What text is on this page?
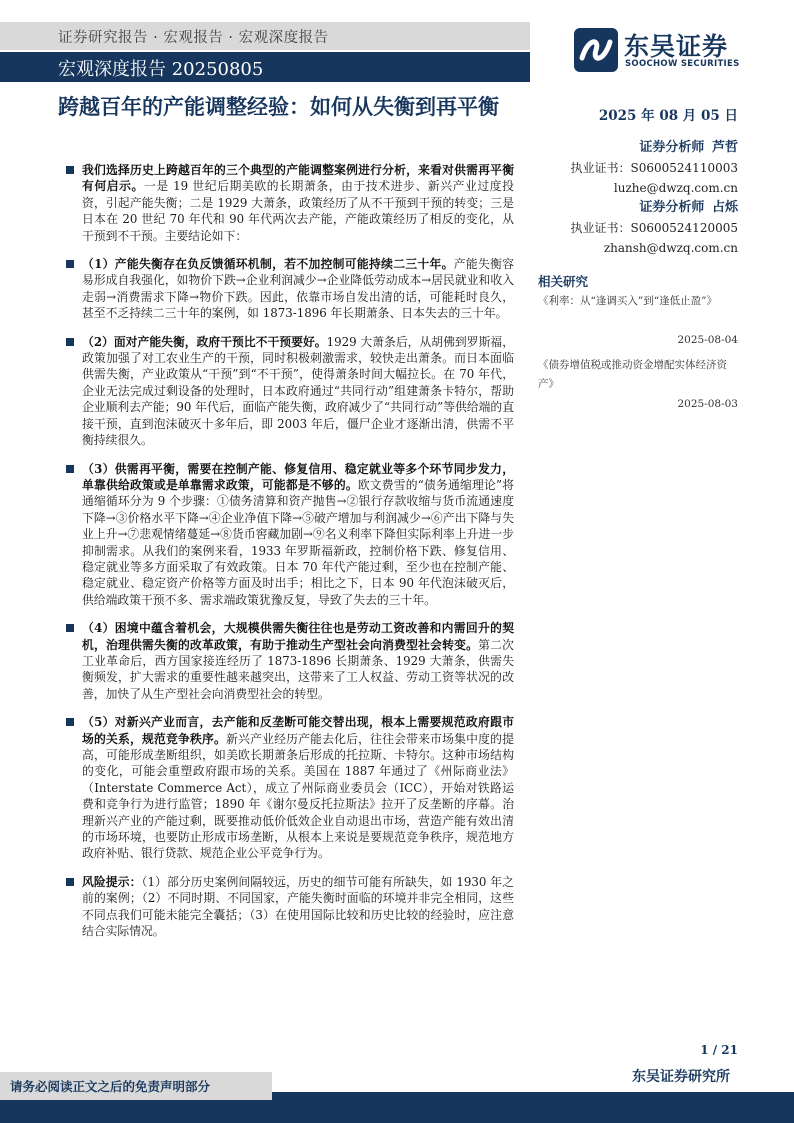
证券研究报告 · 宏观报告 · 宏观深度报告
宏观深度报告 20250805
东吴证券
SOOCHOW SECURITIES
跨越百年的产能调整经验：如何从失衡到再平衡	2025 年 08 月 05 日
证券分析师 芦哲
执业证书：S0600524110003
luzhe@dwzq.com.cn
证券分析师 占烁
执业证书：S0600524120005
zhansh@dwzq.com.cn
相关研究
《利率：从“逢调买入”到“逢低止盈”》
2025-08-04
《债券增值税或推动资金增配实体经济资产》
2025-08-03
我们选择历史上跨越百年的三个典型的产能调整案例进行分析，来看对供需再平衡有何启示。一是 19 世纪后期美欧的长期萧条，由于技术进步、新兴产业过度投资，引起产能失衡；二是 1929 大萧条，政策经历了从不干预到干预的转变；三是日本在 20 世纪 70 年代和 90 年代两次去产能，产能政策经历了相反的变化，从干预到不干预。主要结论如下：
（1）产能失衡存在负反馈循环机制，若不加控制可能持续二三十年。产能失衡容易形成自我强化，如物价下跌→企业利润减少→企业降低劳动成本→居民就业和收入走弱→消费需求下降→物价下跌。因此，依靠市场自发出清的话，可能耗时良久，甚至不乏持续二三十年的案例，如 1873-1896 年长期萧条、日本失去的三十年。
（2）面对产能失衡，政府干预比不干预要好。1929 大萧条后，从胡佛到罗斯福，政策加强了对工农业生产的干预，同时积极刺激需求，较快走出萧条。而日本面临供需失衡，产业政策从“干预”到“不干预”，使得萧条时间大幅拉长。在 70 年代，企业无法完成过剩设备的处理时，日本政府通过“共同行动”组建萧条卡特尔，帮助企业顺利去产能；90 年代后，面临产能失衡，政府减少了“共同行动”等供给端的直接干预，直到泡沫破灭十多年后，即 2003 年后，僵尸企业才逐渐出清，供需不平衡持续很久。
（3）供需再平衡，需要在控制产能、修复信用、稳定就业等多个环节同步发力，单靠供给政策或是单靠需求政策，可能都是不够的。欧文费雪的“债务通缩理论”将通缩循环分为 9 个步骤：①债务清算和资产抛售→②银行存款收缩与货币流通速度下降→③价格水平下降→④企业净值下降→⑤破产增加与利润减少→⑥产出下降与失业上升→⑦悲观情绪蔓延→⑧货币窖藏加剧→⑨名义利率下降但实际利率上升进一步抑制需求。从我们的案例来看，1933 年罗斯福新政，控制价格下跌、修复信用、稳定就业等多方面采取了有效政策。日本 70 年代产能过剩，至少也在控制产能、稳定就业、稳定资产价格等方面及时出手；相比之下，日本 90 年代泡沫破灭后，供给端政策干预不多、需求端政策犹豫反复，导致了失去的三十年。
（4）困境中蕴含着机会，大规模供需失衡往往也是劳动工资改善和内需回升的契机，治理供需失衡的改革政策，有助于推动生产型社会向消费型社会转变。第二次工业革命后，西方国家接连经历了 1873-1896 长期萧条、1929 大萧条，供需失衡频发，扩大需求的重要性越来越突出，这带来了工人权益、劳动工资等状况的改善，加快了从生产型社会向消费型社会的转型。
（5）对新兴产业而言，去产能和反垄断可能交替出现，根本上需要规范政府跟市场的关系，规范竞争秩序。新兴产业经历产能去化后，往往会带来市场集中度的提高，可能形成垄断组织，如美欧长期萧条后形成的托拉斯、卡特尔。这种市场结构的变化，可能会重塑政府跟市场的关系。美国在 1887 年通过了《州际商业法》（Interstate Commerce Act），成立了州际商业委员会（ICC），开始对铁路运费和竞争行为进行监管；1890 年《谢尔曼反托拉斯法》拉开了反垄断的序幕。治理新兴产业的产能过剩，既要推动低价低效企业自动退出市场，营造产能有效出清的市场环境，也要防止形成市场垄断，从根本上来说是要规范竞争秩序，规范地方政府补贴、银行贷款、规范企业公平竞争行为。
风险提示：（1）部分历史案例间隔较远，历史的细节可能有所缺失，如 1930 年之前的案例；（2）不同时期、不同国家，产能失衡时面临的环境并非完全相同，这些不同点我们可能未能完全囊括；（3）在使用国际比较和历史比较的经验时，应注意结合实际情况。
1 / 21
请务必阅读正文之后的免责声明部分
东吴证券研究所
